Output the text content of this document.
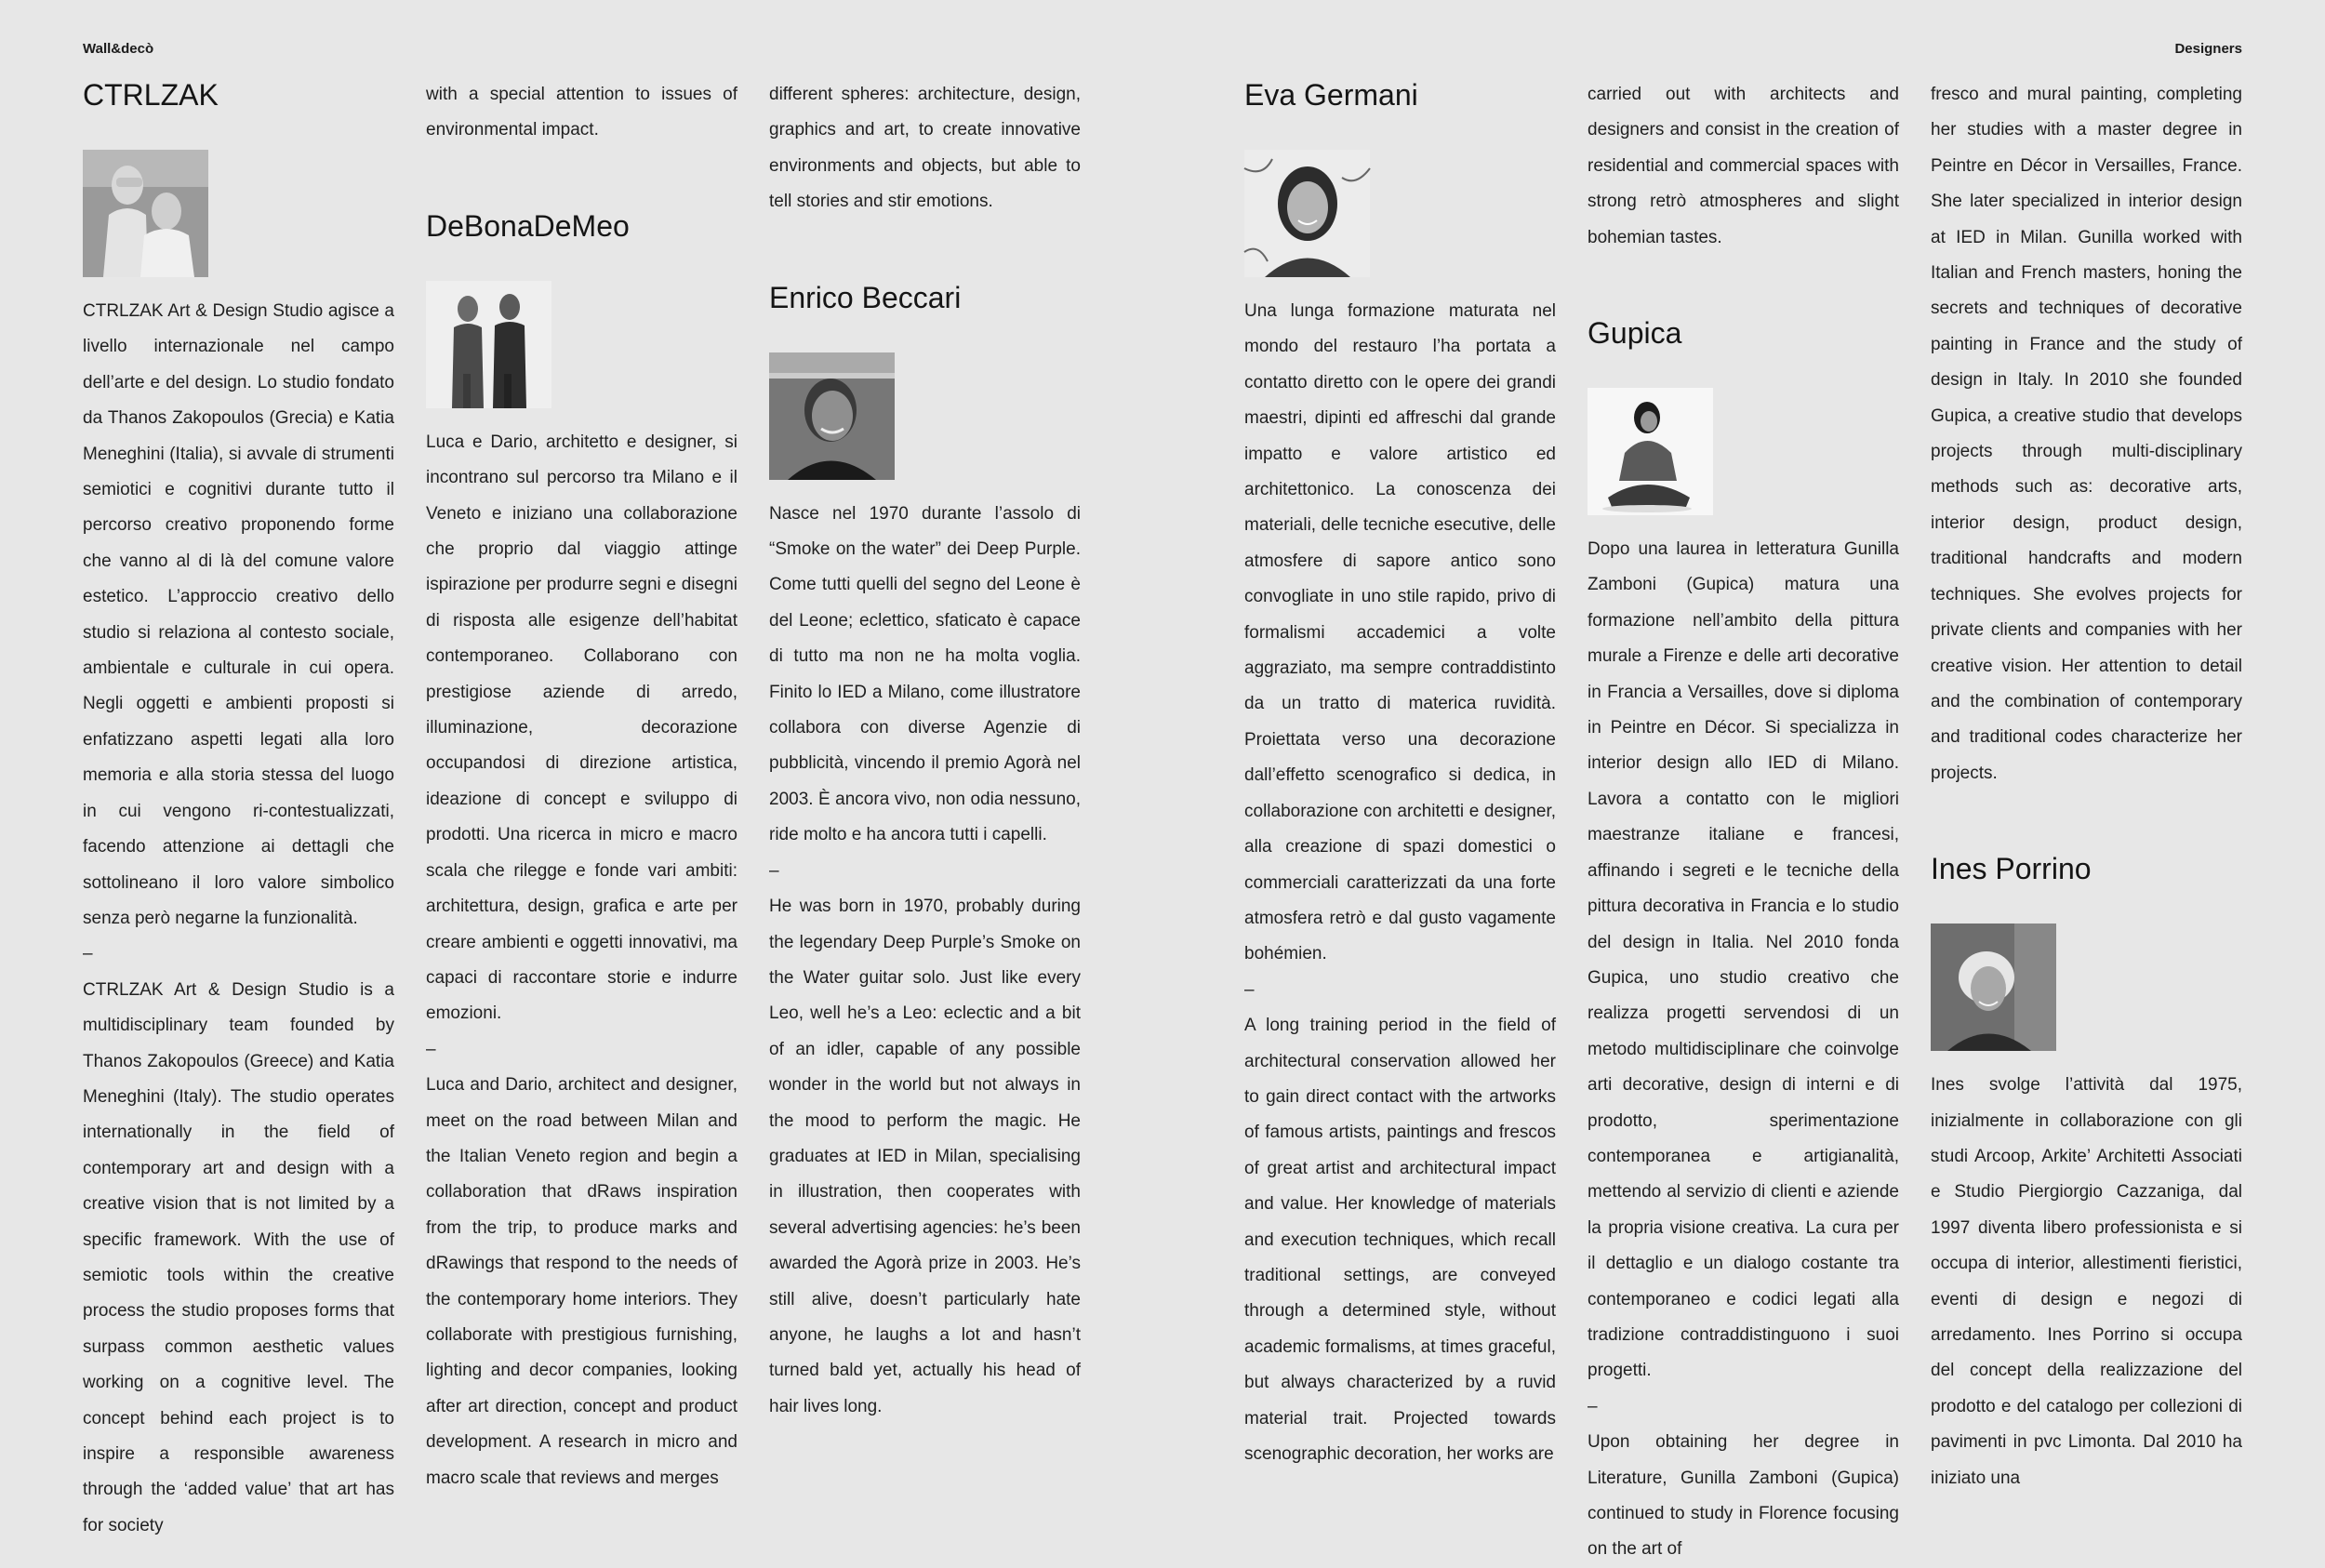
Wall&decò	Designers
CTRLZAK

CTRLZAK Art & Design Studio agisce a livello internazionale nel campo dell’arte e del design. Lo studio fondato da Thanos Zakopoulos (Grecia) e Katia Meneghini (Italia), si avvale di strumenti semiotici e cognitivi durante tutto il percorso creativo proponendo forme che vanno al di là del comune valore estetico. L’approccio creativo dello studio si relaziona al contesto sociale, ambientale e culturale in cui opera. Negli oggetti e ambienti proposti si enfatizzano aspetti legati alla loro memoria e alla storia stessa del luogo in cui vengono ri-contestualizzati, facendo attenzione ai dettagli che sottolineano il loro valore simbolico senza però negarne la funzionalità.

–

CTRLZAK Art & Design Studio is a multidisciplinary team founded by Thanos Zakopoulos (Greece) and Katia Meneghini (Italy). The studio operates internationally in the field of contemporary art and design with a creative vision that is not limited by a specific framework. With the use of semiotic tools within the creative process the studio proposes forms that surpass common aesthetic values working on a cognitive level. The concept behind each project is to inspire a responsible awareness through the ‘added value’ that art has for society

with a special attention to issues of environmental impact.

DeBonaDeMeo

Luca e Dario, architetto e designer, si incontrano sul percorso tra Milano e il Veneto e iniziano una collaborazione che proprio dal viaggio attinge ispirazione per produrre segni e disegni di risposta alle esigenze dell’habitat contemporaneo. Collaborano con prestigiose aziende di arredo, illuminazione, decorazione occupandosi di direzione artistica, ideazione di concept e sviluppo di prodotti. Una ricerca in micro e macro scala che rilegge e fonde vari ambiti: architettura, design, grafica e arte per creare ambienti e oggetti innovativi, ma capaci di raccontare storie e indurre emozioni.

–

Luca and Dario, architect and designer, meet on the road between Milan and the Italian Veneto region and begin a collaboration that dRaws inspiration from the trip, to produce marks and dRawings that respond to the needs of the contemporary home interiors. They collaborate with prestigious furnishing, lighting and decor companies, looking after art direction, concept and product development. A research in micro and macro scale that reviews and merges

different spheres: architecture, design, graphics and art, to create innovative environments and objects, but able to tell stories and stir emotions.

Enrico Beccari

Nasce nel 1970 durante l’assolo di “Smoke on the water” dei Deep Purple. Come tutti quelli del segno del Leone è del Leone; eclettico, sfaticato è capace di tutto ma non ne ha molta voglia. Finito lo IED a Milano, come illustratore collabora con diverse Agenzie di pubblicità, vincendo il premio Agorà nel 2003. È ancora vivo, non odia nessuno, ride molto e ha ancora tutti i capelli.

–

He was born in 1970, probably during the legendary Deep Purple’s Smoke on the Water guitar solo. Just like every Leo, well he’s a Leo: eclectic and a bit of an idler, capable of any possible wonder in the world but not always in the mood to perform the magic. He graduates at IED in Milan, specialising in illustration, then cooperates with several advertising agencies: he’s been awarded the Agorà prize in 2003. He’s still alive, doesn’t particularly hate anyone, he laughs a lot and hasn’t turned bald yet, actually his head of hair lives long.

Eva Germani

Una lunga formazione maturata nel mondo del restauro l’ha portata a contatto diretto con le opere dei grandi maestri, dipinti ed affreschi dal grande impatto e valore artistico ed architettonico. La conoscenza dei materiali, delle tecniche esecutive, delle atmosfere di sapore antico sono convogliate in uno stile rapido, privo di formalismi accademici a volte aggraziato, ma sempre contraddistinto da un tratto di materica ruvidità. Proiettata verso una decorazione dall’effetto scenografico si dedica, in collaborazione con architetti e designer, alla creazione di spazi domestici o commerciali caratterizzati da una forte atmosfera retrò e dal gusto vagamente bohémien.

–

A long training period in the field of architectural conservation allowed her to gain direct contact with the artworks of famous artists, paintings and frescos of great artist and architectural impact and value. Her knowledge of materials and execution techniques, which recall traditional settings, are conveyed through a determined style, without academic formalisms, at times graceful, but always characterized by a ruvid material trait. Projected towards scenographic decoration, her works are

carried out with architects and designers and consist in the creation of residential and commercial spaces with strong retrò atmospheres and slight bohemian tastes.

Gupica

Dopo una laurea in letteratura Gunilla Zamboni (Gupica) matura una formazione nell’ambito della pittura murale a Firenze e delle arti decorative in Francia a Versailles, dove si diploma in Peintre en Décor. Si specializza in interior design allo IED di Milano. Lavora a contatto con le migliori maestranze italiane e francesi, affinando i segreti e le tecniche della pittura decorativa in Francia e lo studio del design in Italia. Nel 2010 fonda Gupica, uno studio creativo che realizza progetti servendosi di un metodo multidisciplinare che coinvolge arti decorative, design di interni e di prodotto, sperimentazione contemporanea e artigianalità, mettendo al servizio di clienti e aziende la propria visione creativa. La cura per il dettaglio e un dialogo costante tra contemporaneo e codici legati alla tradizione contraddistinguono i suoi progetti.

–

Upon obtaining her degree in Literature, Gunilla Zamboni (Gupica) continued to study in Florence focusing on the art of

fresco and mural painting, completing her studies with a master degree in Peintre en Décor in Versailles, France. She later specialized in interior design at IED in Milan. Gunilla worked with Italian and French masters, honing the secrets and techniques of decorative painting in France and the study of design in Italy. In 2010 she founded Gupica, a creative studio that develops projects through multi-disciplinary methods such as: decorative arts, interior design, product design, traditional handcrafts and modern techniques. She evolves projects for private clients and companies with her creative vision. Her attention to detail and the combination of contemporary and traditional codes characterize her projects.

Ines Porrino

Ines svolge l’attività dal 1975, inizialmente in collaborazione con gli studi Arcoop, Arkite’ Architetti Associati e Studio Piergiorgio Cazzaniga, dal 1997 diventa libero professionista e si occupa di interior, allestimenti fieristici, eventi di design e negozi di arredamento. Ines Porrino si occupa del concept della realizzazione del prodotto e del catalogo per collezioni di pavimenti in pvc Limonta. Dal 2010 ha iniziato una
